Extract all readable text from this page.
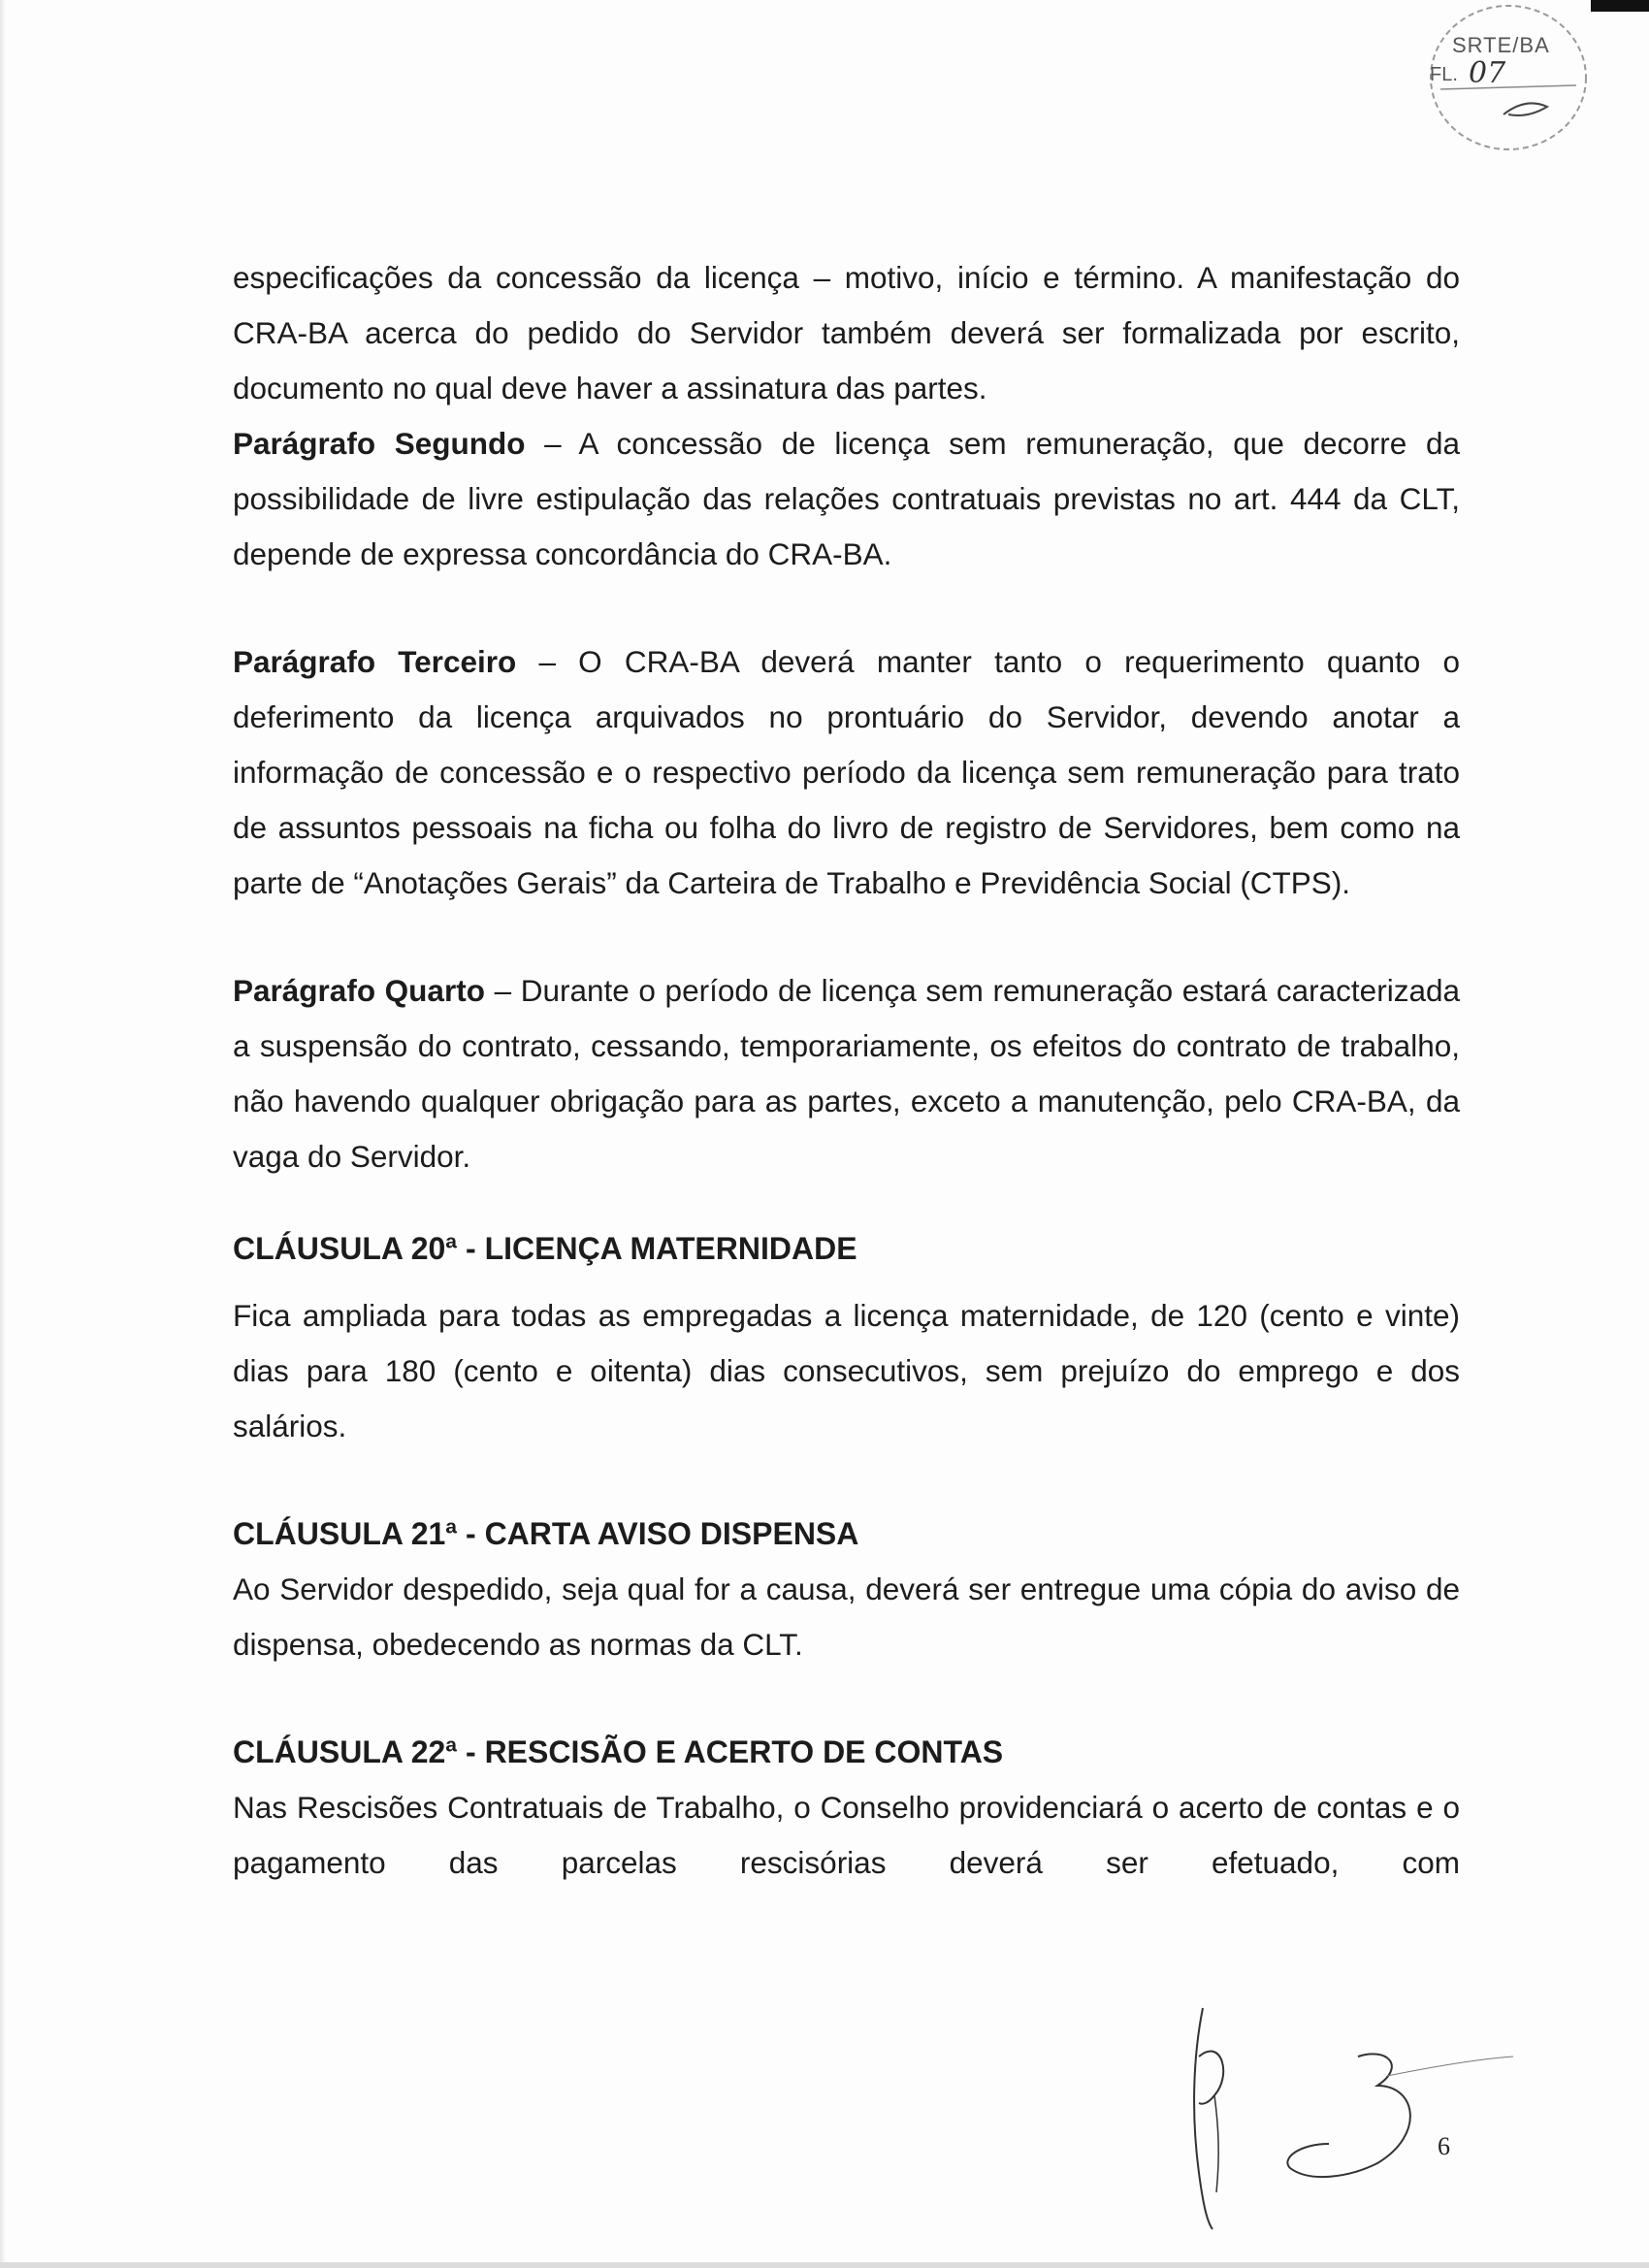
SRTE/BA
FL. 07

especificações da concessão da licença – motivo, início e término. A manifestação do CRA-BA acerca do pedido do Servidor também deverá ser formalizada por escrito, documento no qual deve haver a assinatura das partes.

Parágrafo Segundo – A concessão de licença sem remuneração, que decorre da possibilidade de livre estipulação das relações contratuais previstas no art. 444 da CLT, depende de expressa concordância do CRA-BA.

Parágrafo Terceiro – O CRA-BA deverá manter tanto o requerimento quanto o deferimento da licença arquivados no prontuário do Servidor, devendo anotar a informação de concessão e o respectivo período da licença sem remuneração para trato de assuntos pessoais na ficha ou folha do livro de registro de Servidores, bem como na parte de “Anotações Gerais” da Carteira de Trabalho e Previdência Social (CTPS).

Parágrafo Quarto – Durante o período de licença sem remuneração estará caracterizada a suspensão do contrato, cessando, temporariamente, os efeitos do contrato de trabalho, não havendo qualquer obrigação para as partes, exceto a manutenção, pelo CRA-BA, da vaga do Servidor.

CLÁUSULA 20ª - LICENÇA MATERNIDADE

Fica ampliada para todas as empregadas a licença maternidade, de 120 (cento e vinte) dias para 180 (cento e oitenta) dias consecutivos, sem prejuízo do emprego e dos salários.

CLÁUSULA 21ª - CARTA AVISO DISPENSA

Ao Servidor despedido, seja qual for a causa, deverá ser entregue uma cópia do aviso de dispensa, obedecendo as normas da CLT.

CLÁUSULA 22ª - RESCISÃO E ACERTO DE CONTAS

Nas Rescisões Contratuais de Trabalho, o Conselho providenciará o acerto de contas e o pagamento das parcelas rescisórias deverá ser efetuado, com

6
